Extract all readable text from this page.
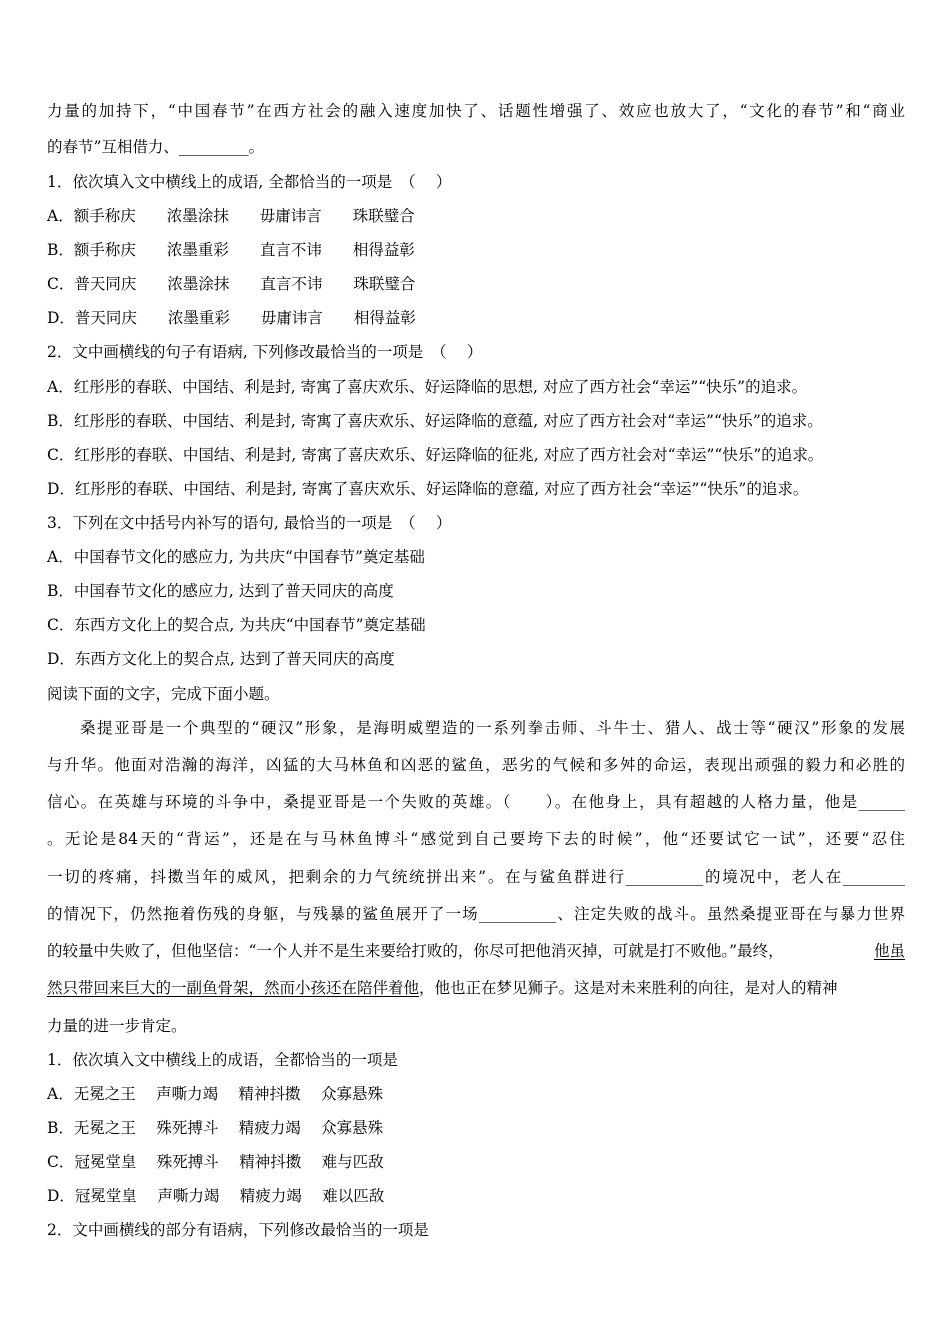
力量的加持下，“中国春节”在西方社会的融入速度加快了、话题性增强了、效应也放大了，“文化的春节”和“商业
的春节”互相借力、_________。
1．依次填入文中横线上的成语, 全都恰当的一项是　（　 ）
A．额手称庆　　浓墨涂抹　　毋庸讳言　　珠联璧合
B．额手称庆　　浓墨重彩　　直言不讳　　相得益彰
C．普天同庆　　浓墨涂抹　　直言不讳　　珠联璧合
D．普天同庆　　浓墨重彩　　毋庸讳言　　相得益彰
2．文中画横线的句子有语病, 下列修改最恰当的一项是　（　 ）
A．红彤彤的春联、中国结、利是封, 寄寓了喜庆欢乐、好运降临的思想, 对应了西方社会“幸运”“快乐”的追求。
B．红彤彤的春联、中国结、利是封, 寄寓了喜庆欢乐、好运降临的意蕴, 对应了西方社会对“幸运”“快乐”的追求。
C．红彤彤的春联、中国结、利是封, 寄寓了喜庆欢乐、好运降临的征兆, 对应了西方社会对“幸运”“快乐”的追求。
D．红彤彤的春联、中国结、利是封, 寄寓了喜庆欢乐、好运降临的意蕴, 对应了西方社会“幸运”“快乐”的追求。
3．下列在文中括号内补写的语句, 最恰当的一项是　（　 ）
A．中国春节文化的感应力, 为共庆“中国春节”奠定基础
B．中国春节文化的感应力, 达到了普天同庆的高度
C．东西方文化上的契合点, 为共庆“中国春节”奠定基础
D．东西方文化上的契合点, 达到了普天同庆的高度
阅读下面的文字，完成下面小题。
桑提亚哥是一个典型的“硬汉”形象，是海明威塑造的一系列拳击师、斗牛士、猎人、战士等“硬汉”形象的发展
与升华。他面对浩瀚的海洋，凶猛的大马林鱼和凶恶的鲨鱼，恶劣的气候和多舛的命运，表现出顽强的毅力和必胜的
信心。在英雄与环境的斗争中，桑提亚哥是一个失败的英雄。（　　）。在他身上，具有超越的人格力量，他是______
。无论是84天的“背运”，还是在与马林鱼博斗“感觉到自己要垮下去的时候”，他“还要试它一试”，还要“忍住
一切的疼痛，抖擞当年的威风，把剩余的力气统统拼出来”。在与鲨鱼群进行__________的境况中，老人在________
的情况下，仍然拖着伤残的身躯，与残暴的鲨鱼展开了一场__________、注定失败的战斗。虽然桑提亚哥在与暴力世界
的较量中失败了，但他坚信：“一个人并不是生来要给打败的，你尽可把他消灭掉，可就是打不败他。”最终，	他虽
然只带回来巨大的一副鱼骨架，然而小孩还在陪伴着他，他也正在梦见狮子。这是对未来胜利的向往，是对人的精神
力量的进一步肯定。
1．依次填入文中横线上的成语，全都恰当的一项是
A．无冕之王　 声嘶力竭　 精神抖擞　 众寡悬殊
B．无冕之王　 殊死搏斗　 精疲力竭　 众寡悬殊
C．冠冕堂皇　 殊死搏斗　 精神抖擞　 难与匹敌
D．冠冕堂皇　 声嘶力竭　 精疲力竭　 难以匹敌
2．文中画横线的部分有语病，下列修改最恰当的一项是
